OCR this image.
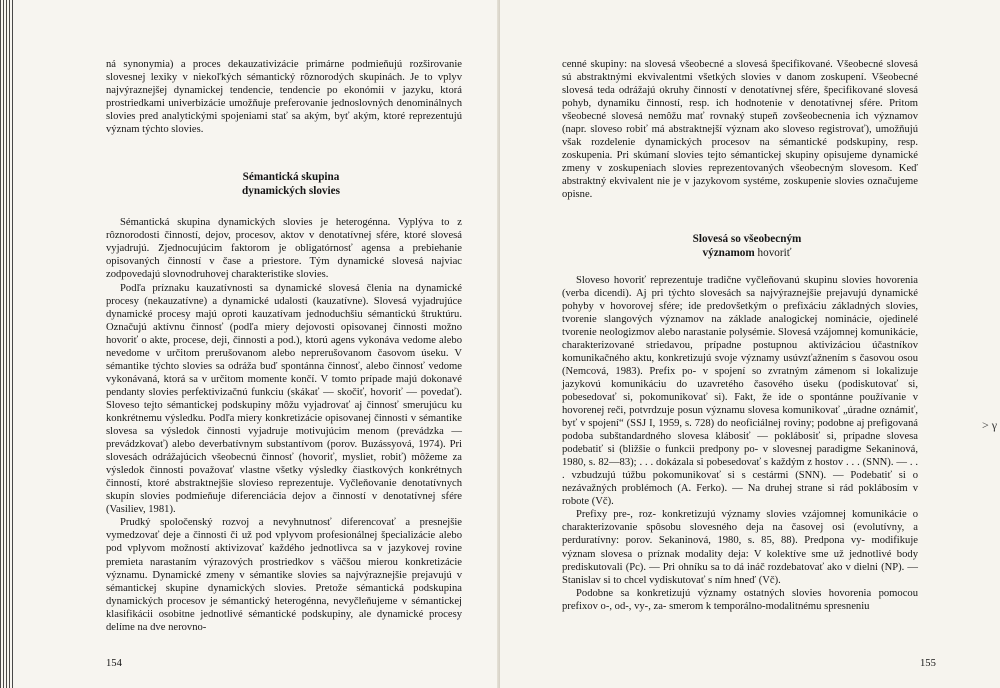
ná synonymia) a proces dekauzativizácie primárne podmieňujú rozširovanie slovesnej lexiky v niekoľkých sémantický rôznorodých skupinách. Je to vplyv najvýraznejšej dynamickej tendencie, tendencie po ekonómii v jazyku, ktorá prostriedkami univerbizácie umožňuje preferovanie jednoslovných denominálnych slovies pred analytickými spojeniami stať sa akým, byť akým, ktoré reprezentujú význam týchto slovies.

Sémantická skupina

dynamických slovies

Sémantická skupina dynamických slovies je heterogénna. Vyplýva to z rôznorodosti činností, dejov, procesov, aktov v denotatívnej sfére, ktoré slovesá vyjadrujú. Zjednocujúcim faktorom je obligatórnosť agensa a prebiehanie opisovaných činností v čase a priestore. Tým dynamické slovesá najviac zodpovedajú slovnodruhovej charakteristike slovies.

Podľa príznaku kauzatívnosti sa dynamické slovesá členia na dynamické procesy (nekauzatívne) a dynamické udalosti (kauzatívne). Slovesá vyjadrujúce dynamické procesy majú oproti kauzatívam jednoduchšiu sémantickú štruktúru. Označujú aktívnu činnosť (podľa miery dejovosti opisovanej činnosti možno hovoriť o akte, procese, deji, činnosti a pod.), ktorú agens vykonáva vedome alebo nevedome v určitom prerušovanom alebo neprerušovanom časovom úseku. V sémantike týchto slovies sa odráža buď spontánna činnosť, alebo činnosť vedome vykonávaná, ktorá sa v určitom momente končí. V tomto prípade majú dokonavé pendanty slovies perfektivizačnú funkciu (skákať — skočiť, hovoriť — povedať). Sloveso tejto sémantickej podskupiny môžu vyjadrovať aj činnosť smerujúcu ku konkrétnemu výsledku. Podľa miery konkretizácie opisovanej činnosti v sémantike slovesa sa výsledok činnosti vyjadruje motivujúcim menom (prevádzka — prevádzkovať) alebo deverbatívnym substantívom (porov. Buzássyová, 1974). Pri slovesách odrážajúcich všeobecnú činnosť (hovoriť, mysliet, robiť) môžeme za výsledok činnosti považovať vlastne všetky výsledky čiastkových konkrétnych činností, ktoré abstraktnejšie slovieso reprezentuje. Vyčleňovanie denotatívnych skupín slovies podmieňuje diferenciácia dejov a činností v denotatívnej sfére (Vasiliev, 1981).

Prudký spoločenský rozvoj a nevyhnutnosť diferencovať a presnejšie vymedzovať deje a činnosti či už pod vplyvom profesionálnej špecializácie alebo pod vplyvom možností aktivizovať každého jednotlivca sa v jazykovej rovine premieta narastaním výrazových prostriedkov s väčšou mierou konkretizácie významu. Dynamické zmeny v sémantike slovies sa najvýraznejšie prejavujú v sémantickej skupine dynamických slovies. Pretože sémantická podskupina dynamických procesov je sémantický heterogénna, nevyčleňujeme v sémantickej klasifikácii osobitne jednotlivé sémantické podskupiny, ale dynamické procesy delíme na dve nerovno-

154

cenné skupiny: na slovesá všeobecné a slovesá špecifikované. Všeobecné slovesá sú abstraktnými ekvivalentmi všetkých slovies v danom zoskupení. Všeobecné slovesá teda odrážajú okruhy činností v denotatívnej sfére, špecifikované slovesá pohyb, dynamiku činností, resp. ich hodnotenie v denotatívnej sfére. Pritom všeobecné slovesá nemôžu mať rovnaký stupeň zovšeobecnenia ich významov (napr. sloveso robiť má abstraktnejší význam ako sloveso registrovať), umožňujú však rozdelenie dynamických procesov na sémantické podskupiny, resp. zoskupenia. Pri skúmaní slovies tejto sémantickej skupiny opisujeme dynamické zmeny v zoskupeniach slovies reprezentovaných všeobecným slovesom. Keď abstraktný ekvivalent nie je v jazykovom systéme, zoskupenie slovies označujeme opisne.

Slovesá so všeobecným

významom hovoriť

Sloveso hovoriť reprezentuje tradične vyčleňovanú skupinu slovies hovorenia (verba dicendi). Aj pri týchto slovesách sa najvýraznejšie prejavujú dynamické pohyby v hovorovej sfére; ide predovšetkým o prefixáciu základných slovies, tvorenie slangových významov na základe analogickej nominácie, ojedinelé tvorenie neologizmov alebo narastanie polysémie. Slovesá vzájomnej komunikácie, charakterizované striedavou, prípadne postupnou aktivizáciou účastníkov komunikačného aktu, konkretizujú svoje významy usúvzťažnením s časovou osou (Nemcová, 1983). Prefix po- v spojení so zvratným zámenom si lokalizuje jazykovú komunikáciu do uzavretého časového úseku (podiskutovať si, pobesedovať si, pokomunikovať si). Fakt, že ide o spontánne používanie v hovorenej reči, potvrdzuje posun významu slovesa komunikovať „úradne oznámiť, byť v spojení“ (SSJ I, 1959, s. 728) do neoficiálnej roviny; podobne aj prefigovaná podoba subštandardného slovesa klábosiť — poklábosiť si, prípadne slovesa podebatiť si (bližšie o funkcii predpony po- v slovesnej paradigme Sekaninová, 1980, s. 82—83); . . . dokázala si pobesedovať s každým z hostov . . . (SNN). — . . . vzbudzujú túžbu pokomunikovať si s cestármi (SNN). — Podebatiť si o nezávažných problémoch (A. Ferko). — Na druhej strane si rád poklábosím v robote (Vč).

Prefixy pre-, roz- konkretizujú významy slovies vzájomnej komunikácie o charakterizovanie spôsobu slovesného deja na časovej osi (evolutívny, a perduratívny: porov. Sekaninová, 1980, s. 85, 88). Predpona vy- modifikuje význam slovesa o príznak modality deja: V kolektíve sme už jednotlivé body prediskutovali (Pc). — Pri ohníku sa to dá ináč rozdebatovať ako v dielni (NP). — Stanislav si to chcel vydiskutovať s ním hneď (Vč).

Podobne sa konkretizujú významy ostatných slovies hovorenia pomocou prefixov o-, od-, vy-, za- smerom k temporálno-modalitnému spresneniu

155
˃ γ
